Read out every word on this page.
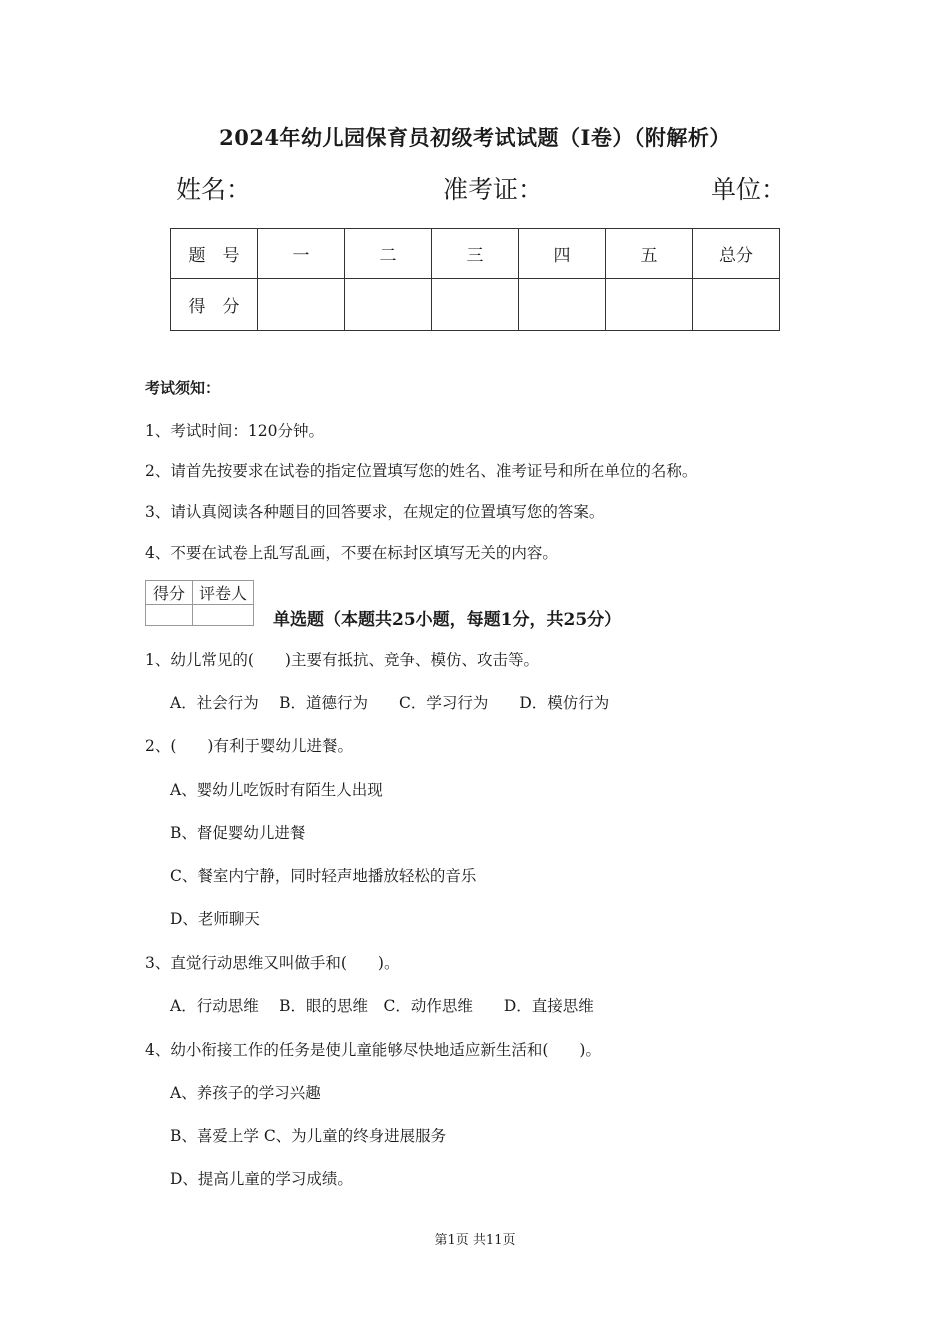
2024年幼儿园保育员初级考试试题（I卷）（附解析）
姓名：	准考证：	单位：
题　号	一	二	三	四	五	总分
得　分						
考试须知：
1、考试时间：120分钟。
2、请首先按要求在试卷的指定位置填写您的姓名、准考证号和所在单位的名称。
3、请认真阅读各种题目的回答要求，在规定的位置填写您的答案。
4、不要在试卷上乱写乱画，不要在标封区填写无关的内容。
得分	评卷人

单选题（本题共25小题，每题1分，共25分）
1、幼儿常见的(　　)主要有抵抗、竞争、模仿、攻击等。
A．社会行为　 B．道德行为　　C．学习行为　　D．模仿行为
2、(　　)有利于婴幼儿进餐。
A、婴幼儿吃饭时有陌生人出现
B、督促婴幼儿进餐
C、餐室内宁静，同时轻声地播放轻松的音乐
D、老师聊天
3、直觉行动思维又叫做手和(　　)。
A．行动思维　 B．眼的思维　C．动作思维　　D．直接思维
4、幼小衔接工作的任务是使儿童能够尽快地适应新生活和(　　)。
A、养孩子的学习兴趣
B、喜爱上学 C、为儿童的终身进展服务
D、提高儿童的学习成绩。
第1页 共11页
